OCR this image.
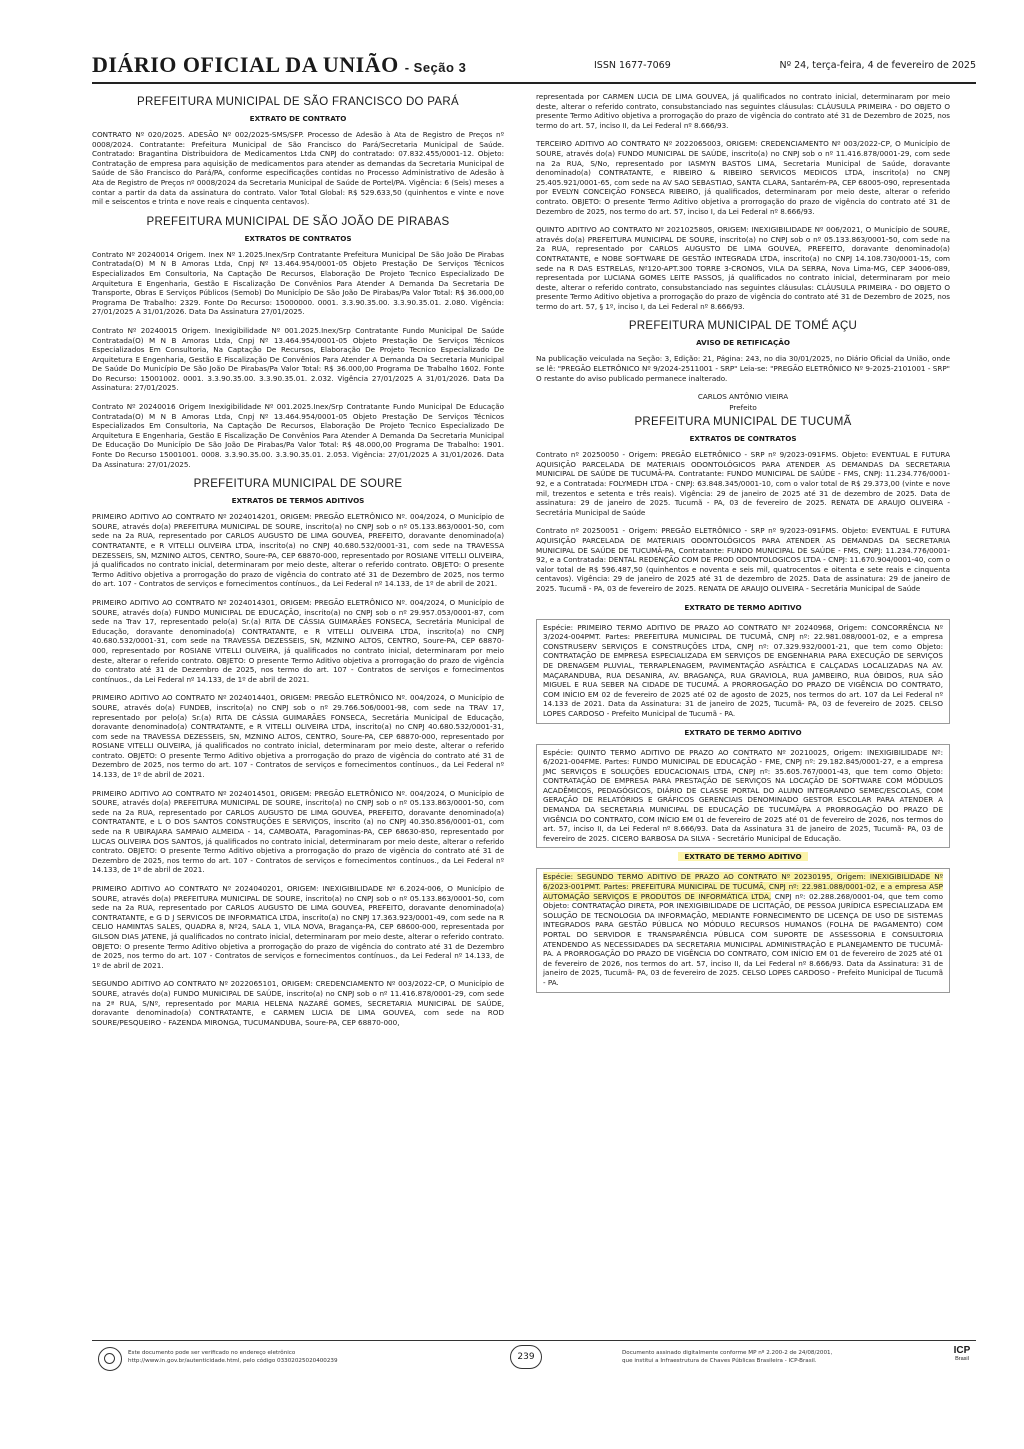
DIÁRIO OFICIAL DA UNIÃO - Seção 3	ISSN 1677-7069	Nº 24, terça-feira, 4 de fevereiro de 2025
PREFEITURA MUNICIPAL DE SÃO FRANCISCO DO PARÁ
EXTRATO DE CONTRATO

CONTRATO Nº 020/2025. ADESÃO Nº 002/2025-SMS/SFP. Processo de Adesão à Ata de Registro de Preços nº 0008/2024. Contratante: Prefeitura Municipal de São Francisco do Pará/Secretaria Municipal de Saúde. Contratado: Bragantina Distribuidora de Medicamentos Ltda CNPJ do contratado: 07.832.455/0001-12. Objeto: Contratação de empresa para aquisição de medicamentos para atender as demandas da Secretaria Municipal de Saúde de São Francisco do Pará/PA, conforme especificações contidas no Processo Administrativo de Adesão à Ata de Registro de Preços nº 0008/2024 da Secretaria Municipal de Saúde de Portel/PA. Vigência: 6 (Seis) meses a contar a partir da data da assinatura do contrato. Valor Total Global: R$ 529.633,50 (quinhentos e vinte e nove mil e seiscentos e trinta e nove reais e cinquenta centavos).

PREFEITURA MUNICIPAL DE SÃO JOÃO DE PIRABAS
EXTRATOS DE CONTRATOS

Contrato Nº 20240014 Origem. Inex Nº 1.2025.Inex/Srp Contratante Prefeitura Municipal De São João De Pirabas Contratada(O) M N B Amoras Ltda, Cnpj Nº 13.464.954/0001-05 Objeto Prestação De Serviços Técnicos Especializados Em Consultoria, Na Captação De Recursos, Elaboração De Projeto Tecnico Especializado De Arquitetura E Engenharia, Gestão E Fiscalização De Convênios Para Atender A Demanda Da Secretaria De Transporte, Obras E Serviços Públicos (Semob) Do Município De São João De Pirabas/Pa Valor Total: R$ 36.000,00 Programa De Trabalho: 2329. Fonte Do Recurso: 15000000. 0001. 3.3.90.35.00. 3.3.90.35.01. 2.080. Vigência: 27/01/2025 A 31/01/2026. Data Da Assinatura 27/01/2025.

Contrato Nº 20240015 Origem. Inexigibilidade Nº 001.2025.Inex/Srp Contratante Fundo Municipal De Saúde Contratada(O) M N B Amoras Ltda, Cnpj Nº 13.464.954/0001-05 Objeto Prestação De Serviços Técnicos Especializados Em Consultoria, Na Captação De Recursos, Elaboração De Projeto Tecnico Especializado De Arquitetura E Engenharia, Gestão E Fiscalização De Convênios Para Atender A Demanda Da Secretaria Municipal De Saúde Do Município De São João De Pirabas/Pa Valor Total: R$ 36.000,00 Programa De Trabalho 1602. Fonte Do Recurso: 15001002. 0001. 3.3.90.35.00. 3.3.90.35.01. 2.032. Vigência 27/01/2025 A 31/01/2026. Data Da Assinatura: 27/01/2025.

Contrato Nº 20240016 Origem Inexigibilidade Nº 001.2025.Inex/Srp Contratante Fundo Municipal De Educação Contratada(O) M N B Amoras Ltda, Cnpj Nº 13.464.954/0001-05 Objeto Prestação De Serviços Técnicos Especializados Em Consultoria, Na Captação De Recursos, Elaboração De Projeto Tecnico Especializado De Arquitetura E Engenharia, Gestão E Fiscalização De Convênios Para Atender A Demanda Da Secretaria Municipal De Educação Do Município De São João De Pirabas/Pa Valor Total: R$ 48.000,00 Programa De Trabalho: 1901. Fonte Do Recurso 15001001. 0008. 3.3.90.35.00. 3.3.90.35.01. 2.053. Vigência: 27/01/2025 A 31/01/2026. Data Da Assinatura: 27/01/2025.

PREFEITURA MUNICIPAL DE SOURE
EXTRATOS DE TERMOS ADITIVOS

PRIMEIRO ADITIVO AO CONTRATO Nº 2024014201, ORIGEM: PREGÃO ELETRÔNICO Nº. 004/2024, O Município de SOURE, através do(a) PREFEITURA MUNICIPAL DE SOURE, inscrito(a) no CNPJ sob o nº 05.133.863/0001-50, com sede na 2a RUA, representado por CARLOS AUGUSTO DE LIMA GOUVEA, PREFEITO, doravante denominado(a) CONTRATANTE, e R VITELLI OLIVEIRA LTDA, inscrito(a) no CNPJ 40.680.532/0001-31, com sede na TRAVESSA DEZESSEIS, SN, MZNINO ALTOS, CENTRO, Soure-PA, CEP 68870-000, representado por ROSIANE VITELLI OLIVEIRA, já qualificados no contrato inicial, determinaram por meio deste, alterar o referido contrato. OBJETO: O presente Termo Aditivo objetiva a prorrogação do prazo de vigência do contrato até 31 de Dezembro de 2025, nos termo do art. 107 - Contratos de serviços e fornecimentos contínuos., da Lei Federal nº 14.133, de 1º de abril de 2021.

PRIMEIRO ADITIVO AO CONTRATO Nº 2024014301, ORIGEM: PREGÃO ELETRÔNICO Nº. 004/2024, O Município de SOURE, através do(a) FUNDO MUNICIPAL DE EDUCAÇÃO, inscrito(a) no CNPJ sob o nº 29.957.053/0001-87, com sede na Trav 17, representado pelo(a) Sr.(a) RITA DE CÁSSIA GUIMARÃES FONSECA, Secretária Municipal de Educação, doravante denominado(a) CONTRATANTE, e R VITELLI OLIVEIRA LTDA, inscrito(a) no CNPJ 40.680.532/0001-31, com sede na TRAVESSA DEZESSEIS, SN, MZNINO ALTOS, CENTRO, Soure-PA, CEP 68870-000, representado por ROSIANE VITELLI OLIVEIRA, já qualificados no contrato inicial, determinaram por meio deste, alterar o referido contrato. OBJETO: O presente Termo Aditivo objetiva a prorrogação do prazo de vigência do contrato até 31 de Dezembro de 2025, nos termo do art. 107 - Contratos de serviços e fornecimentos contínuos., da Lei Federal nº 14.133, de 1º de abril de 2021.

PRIMEIRO ADITIVO AO CONTRATO Nº 2024014401, ORIGEM: PREGÃO ELETRÔNICO Nº. 004/2024, O Município de SOURE, através do(a) FUNDEB, inscrito(a) no CNPJ sob o nº 29.766.506/0001-98, com sede na TRAV 17, representado por pelo(a) Sr.(a) RITA DE CÁSSIA GUIMARÃES FONSECA, Secretária Municipal de Educação, doravante denominado(a) CONTRATANTE, e R VITELLI OLIVEIRA LTDA, inscrito(a) no CNPJ 40.680.532/0001-31, com sede na TRAVESSA DEZESSEIS, SN, MZNINO ALTOS, CENTRO, Soure-PA, CEP 68870-000, representado por ROSIANE VITELLI OLIVEIRA, já qualificados no contrato inicial, determinaram por meio deste, alterar o referido contrato. OBJETO: O presente Termo Aditivo objetiva a prorrogação do prazo de vigência do contrato até 31 de Dezembro de 2025, nos termo do art. 107 - Contratos de serviços e fornecimentos contínuos., da Lei Federal nº 14.133, de 1º de abril de 2021.

PRIMEIRO ADITIVO AO CONTRATO Nº 2024014501, ORIGEM: PREGÃO ELETRÔNICO Nº. 004/2024, O Município de SOURE, através do(a) PREFEITURA MUNICIPAL DE SOURE, inscrito(a) no CNPJ sob o nº 05.133.863/0001-50, com sede na 2a RUA, representado por CARLOS AUGUSTO DE LIMA GOUVEA, PREFEITO, doravante denominado(a) CONTRATANTE, e L O DOS SANTOS CONSTRUÇÕES E SERVIÇOS, inscrito (a) no CNPJ 40.350.856/0001-01, com sede na R UBIRAJARA SAMPAIO ALMEIDA - 14, CAMBOATA, Paragominas-PA, CEP 68630-850, representado por LUCAS OLIVEIRA DOS SANTOS, já qualificados no contrato inicial, determinaram por meio deste, alterar o referido contrato. OBJETO: O presente Termo Aditivo objetiva a prorrogação do prazo de vigência do contrato até 31 de Dezembro de 2025, nos termo do art. 107 - Contratos de serviços e fornecimentos contínuos., da Lei Federal nº 14.133, de 1º de abril de 2021.

PRIMEIRO ADITIVO AO CONTRATO Nº 2024040201, ORIGEM: INEXIGIBILIDADE Nº 6.2024-006, O Município de SOURE, através do(a) PREFEITURA MUNICIPAL DE SOURE, inscrito(a) no CNPJ sob o nº 05.133.863/0001-50, com sede na 2a RUA, representado por CARLOS AUGUSTO DE LIMA GOUVEA, PREFEITO, doravante denominado(a) CONTRATANTE, e G D J SERVICOS DE INFORMATICA LTDA, inscrito(a) no CNPJ 17.363.923/0001-49, com sede na R CELIO HAMINTAS SALES, QUADRA 8, Nº24, SALA 1, VILA NOVA, Bragança-PA, CEP 68600-000, representada por GILSON DIAS JATENE, já qualificados no contrato inicial, determinaram por meio deste, alterar o referido contrato. OBJETO: O presente Termo Aditivo objetiva a prorrogação do prazo de vigência do contrato até 31 de Dezembro de 2025, nos termo do art. 107 - Contratos de serviços e fornecimentos contínuos., da Lei Federal nº 14.133, de 1º de abril de 2021.

SEGUNDO ADITIVO AO CONTRATO Nº 2022065101, ORIGEM: CREDENCIAMENTO Nº 003/2022-CP, O Município de SOURE, através do(a) FUNDO MUNICIPAL DE SAÚDE, inscrito(a) no CNPJ sob o nº 11.416.878/0001-29, com sede na 2ª RUA, S/Nº, representado por MARIA HELENA NAZARÉ GOMES, SECRETARIA MUNICIPAL DE SAÚDE, doravante denominado(a) CONTRATANTE, e CARMEN LUCIA DE LIMA GOUVEA, com sede na ROD SOURE/PESQUEIRO - FAZENDA MIRONGA, TUCUMANDUBA, Soure-PA, CEP 68870-000,

representada por CARMEN LUCIA DE LIMA GOUVEA, já qualificados no contrato inicial, determinaram por meio deste, alterar o referido contrato, consubstanciado nas seguintes cláusulas: CLÁUSULA PRIMEIRA - DO OBJETO O presente Termo Aditivo objetiva a prorrogação do prazo de vigência do contrato até 31 de Dezembro de 2025, nos termo do art. 57, inciso II, da Lei Federal nº 8.666/93.

TERCEIRO ADITIVO AO CONTRATO Nº 2022065003, ORIGEM: CREDENCIAMENTO Nº 003/2022-CP, O Município de SOURE, através do(a) FUNDO MUNICIPAL DE SAÚDE, inscrito(a) no CNPJ sob o nº 11.416.878/0001-29, com sede na 2a RUA, S/No, representado por IASMYN BASTOS LIMA, Secretaria Municipal de Saúde, doravante denominado(a) CONTRATANTE, e RIBEIRO & RIBEIRO SERVICOS MEDICOS LTDA, inscrito(a) no CNPJ 25.405.921/0001-65, com sede na AV SAO SEBASTIAO, SANTA CLARA, Santarém-PA, CEP 68005-090, representada por EVELYN CONCEIÇÃO FONSECA RIBEIRO, já qualificados, determinaram por meio deste, alterar o referido contrato. OBJETO: O presente Termo Aditivo objetiva a prorrogação do prazo de vigência do contrato até 31 de Dezembro de 2025, nos termo do art. 57, inciso I, da Lei Federal nº 8.666/93.

QUINTO ADITIVO AO CONTRATO Nº 2021025805, ORIGEM: INEXIGIBILIDADE Nº 006/2021, O Município de SOURE, através do(a) PREFEITURA MUNICIPAL DE SOURE, inscrito(a) no CNPJ sob o nº 05.133.863/0001-50, com sede na 2a RUA, representado por CARLOS AUGUSTO DE LIMA GOUVEA, PREFEITO, doravante denominado(a) CONTRATANTE, e NOBE SOFTWARE DE GESTÃO INTEGRADA LTDA, inscrito(a) no CNPJ 14.108.730/0001-15, com sede na R DAS ESTRELAS, Nº120-APT.300 TORRE 3-CRONOS, VILA DA SERRA, Nova Lima-MG, CEP 34006-089, representada por LUCIANA GOMES LEITE PASSOS, já qualificados no contrato inicial, determinaram por meio deste, alterar o referido contrato, consubstanciado nas seguintes cláusulas: CLÁUSULA PRIMEIRA - DO OBJETO O presente Termo Aditivo objetiva a prorrogação do prazo de vigência do contrato até 31 de Dezembro de 2025, nos termo do art. 57, § 1º, inciso I, da Lei Federal nº 8.666/93.

PREFEITURA MUNICIPAL DE TOMÉ AÇU
AVISO DE RETIFICAÇÃO

Na publicação veiculada na Seção: 3, Edição: 21, Página: 243, no dia 30/01/2025, no Diário Oficial da União, onde se lê: "PREGÃO ELETRÔNICO Nº 9/2024-2511001 - SRP" Leia-se: "PREGÃO ELETRÔNICO Nº 9-2025-2101001 - SRP" O restante do aviso publicado permanece inalterado.

CARLOS ANTÔNIO VIEIRA

Prefeito

PREFEITURA MUNICIPAL DE TUCUMÃ
EXTRATOS DE CONTRATOS

Contrato nº 20250050 - Origem: PREGÃO ELETRÔNICO - SRP nº 9/2023-091FMS. Objeto: EVENTUAL E FUTURA AQUISIÇÃO PARCELADA DE MATERIAIS ODONTOLÓGICOS PARA ATENDER AS DEMANDAS DA SECRETARIA MUNICIPAL DE SAÚDE DE TUCUMÃ-PA. Contratante: FUNDO MUNICIPAL DE SAÚDE - FMS, CNPJ: 11.234.776/0001-92, e a Contratada: FOLYMEDH LTDA - CNPJ: 63.848.345/0001-10, com o valor total de R$ 29.373,00 (vinte e nove mil, trezentos e setenta e três reais). Vigência: 29 de janeiro de 2025 até 31 de dezembro de 2025. Data de assinatura: 29 de janeiro de 2025. Tucumã - PA, 03 de fevereiro de 2025. RENATA DE ARAUJO OLIVEIRA - Secretária Municipal de Saúde

Contrato nº 20250051 - Origem: PREGÃO ELETRÔNICO - SRP nº 9/2023-091FMS. Objeto: EVENTUAL E FUTURA AQUISIÇÃO PARCELADA DE MATERIAIS ODONTOLÓGICOS PARA ATENDER AS DEMANDAS DA SECRETARIA MUNICIPAL DE SAÚDE DE TUCUMÃ-PA, Contratante: FUNDO MUNICIPAL DE SAÚDE - FMS, CNPJ: 11.234.776/0001-92, e a Contratada: DENTAL REDENÇÃO COM DE PROD ODONTOLOGICOS LTDA - CNPJ: 11.670.904/0001-40, com o valor total de R$ 596.487,50 (quinhentos e noventa e seis mil, quatrocentos e oitenta e sete reais e cinquenta centavos). Vigência: 29 de janeiro de 2025 até 31 de dezembro de 2025. Data de assinatura: 29 de janeiro de 2025. Tucumã - PA, 03 de fevereiro de 2025. RENATA DE ARAUJO OLIVEIRA - Secretária Municipal de Saúde

EXTRATO DE TERMO ADITIVO

Espécie: PRIMEIRO TERMO ADITIVO DE PRAZO AO CONTRATO Nº 20240968, Origem: CONCORRÊNCIA Nº 3/2024-004PMT. Partes: PREFEITURA MUNICIPAL DE TUCUMÃ, CNPJ nº: 22.981.088/0001-02, e a empresa CONSTRUSERV SERVIÇOS E CONSTRUÇÕES LTDA, CNPJ nº: 07.329.932/0001-21, que tem como Objeto: CONTRATAÇÃO DE EMPRESA ESPECIALIZADA EM SERVIÇOS DE ENGENHARIA PARA EXECUÇÃO DE SERVIÇOS DE DRENAGEM PLUVIAL, TERRAPLENAGEM, PAVIMENTAÇÃO ASFÁLTICA E CALÇADAS LOCALIZADAS NA AV. MAÇARANDUBA, RUA DESANIRA, AV. BRAGANÇA, RUA GRAVIOLA, RUA JAMBEIRO, RUA ÓBIDOS, RUA SÃO MIGUEL E RUA SEBER NA CIDADE DE TUCUMÃ. A PRORROGAÇÃO DO PRAZO DE VIGÊNCIA DO CONTRATO, COM INÍCIO EM 02 de fevereiro de 2025 até 02 de agosto de 2025, nos termos do art. 107 da Lei Federal nº 14.133 de 2021. Data da Assinatura: 31 de janeiro de 2025, Tucumã- PA, 03 de fevereiro de 2025. CELSO LOPES CARDOSO - Prefeito Municipal de Tucumã - PA.

EXTRATO DE TERMO ADITIVO

Espécie: QUINTO TERMO ADITIVO DE PRAZO AO CONTRATO Nº 20210025, Origem: INEXIGIBILIDADE Nº: 6/2021-004FME. Partes: FUNDO MUNICIPAL DE EDUCAÇÃO - FME, CNPJ nº: 29.182.845/0001-27, e a empresa JMC SERVIÇOS E SOLUÇÕES EDUCACIONAIS LTDA, CNPJ nº: 35.605.767/0001-43, que tem como Objeto: CONTRATAÇÃO DE EMPRESA PARA PRESTAÇÃO DE SERVIÇOS NA LOCAÇÃO DE SOFTWARE COM MÓDULOS ACADÊMICOS, PEDAGÓGICOS, DIÁRIO DE CLASSE PORTAL DO ALUNO INTEGRANDO SEMEC/ESCOLAS, COM GERAÇÃO DE RELATÓRIOS E GRÁFICOS GERENCIAIS DENOMINADO GESTOR ESCOLAR PARA ATENDER A DEMANDA DA SECRETARIA MUNICIPAL DE EDUCAÇÃO DE TUCUMÃ/PA A PRORROGAÇÃO DO PRAZO DE VIGÊNCIA DO CONTRATO, COM INÍCIO EM 01 de fevereiro de 2025 até 01 de fevereiro de 2026, nos termos do art. 57, inciso II, da Lei Federal nº 8.666/93. Data da Assinatura 31 de janeiro de 2025, Tucumã- PA, 03 de fevereiro de 2025. CICERO BARBOSA DA SILVA - Secretário Municipal de Educação.

EXTRATO DE TERMO ADITIVO

Espécie: SEGUNDO TERMO ADITIVO DE PRAZO AO CONTRATO Nº 20230195, Origem: INEXIGIBILIDADE Nº 6/2023-001PMT. Partes: PREFEITURA MUNICIPAL DE TUCUMÃ, CNPJ nº: 22.981.088/0001-02, e a empresa ASP AUTOMAÇÃO SERVIÇOS E PRODUTOS DE INFORMÁTICA LTDA, CNPJ nº: 02.288.268/0001-04, que tem como Objeto: CONTRATAÇÃO DIRETA, POR INEXIGIBILIDADE DE LICITAÇÃO, DE PESSOA JURÍDICA ESPECIALIZADA EM SOLUÇÃO DE TECNOLOGIA DA INFORMAÇÃO, MEDIANTE FORNECIMENTO DE LICENÇA DE USO DE SISTEMAS INTEGRADOS PARA GESTÃO PÚBLICA NO MÓDULO RECURSOS HUMANOS (FOLHA DE PAGAMENTO) COM PORTAL DO SERVIDOR E TRANSPARÊNCIA PÚBLICA COM SUPORTE DE ASSESSORIA E CONSULTORIA ATENDENDO AS NECESSIDADES DA SECRETARIA MUNICIPAL ADMINISTRAÇÃO E PLANEJAMENTO DE TUCUMÃ-PA. A PRORROGAÇÃO DO PRAZO DE VIGÊNCIA DO CONTRATO, COM INÍCIO EM 01 de fevereiro de 2025 até 01 de fevereiro de 2026, nos termos do art. 57, inciso II, da Lei Federal nº 8.666/93. Data da Assinatura: 31 de janeiro de 2025, Tucumã- PA, 03 de fevereiro de 2025. CELSO LOPES CARDOSO - Prefeito Municipal de Tucumã - PA.

Este documento pode ser verificado no endereço eletrônico
http://www.in.gov.br/autenticidade.html, pelo código 03302025020400239	239	Documento assinado digitalmente conforme MP nº 2.200-2 de 24/08/2001,
que institui a Infraestrutura de Chaves Públicas Brasileira - ICP-Brasil.
ICP
Brasil
